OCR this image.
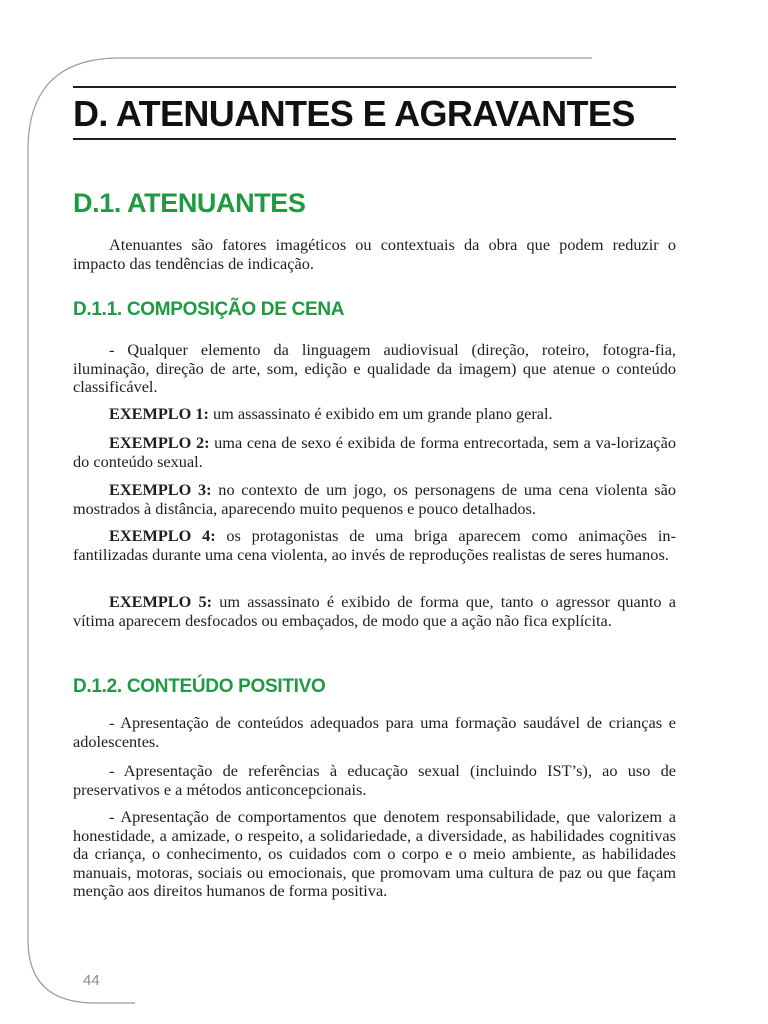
D. ATENUANTES E AGRAVANTES
D.1. ATENUANTES

Atenuantes são fatores imagéticos ou contextuais da obra que podem reduzir o impacto das tendências de indicação.

D.1.1. COMPOSIÇÃO DE CENA

- Qualquer elemento da linguagem audiovisual (direção, roteiro, fotogra-fia, iluminação, direção de arte, som, edição e qualidade da imagem) que atenue o conteúdo classificável.

EXEMPLO 1: um assassinato é exibido em um grande plano geral.

EXEMPLO 2: uma cena de sexo é exibida de forma entrecortada, sem a va-lorização do conteúdo sexual.

EXEMPLO 3: no contexto de um jogo, os personagens de uma cena violenta são mostrados à distância, aparecendo muito pequenos e pouco detalhados.

EXEMPLO 4: os protagonistas de uma briga aparecem como animações in-fantilizadas durante uma cena violenta, ao invés de reproduções realistas de seres humanos.

EXEMPLO 5: um assassinato é exibido de forma que, tanto o agressor quanto a vítima aparecem desfocados ou embaçados, de modo que a ação não fica explícita.

D.1.2. CONTEÚDO POSITIVO

- Apresentação de conteúdos adequados para uma formação saudável de crianças e adolescentes.

- Apresentação de referências à educação sexual (incluindo IST’s), ao uso de preservativos e a métodos anticoncepcionais.

- Apresentação de comportamentos que denotem responsabilidade, que valorizem a honestidade, a amizade, o respeito, a solidariedade, a diversidade, as habilidades cognitivas da criança, o conhecimento, os cuidados com o corpo e o meio ambiente, as habilidades manuais, motoras, sociais ou emocionais, que promovam uma cultura de paz ou que façam menção aos direitos humanos de forma positiva.

44
